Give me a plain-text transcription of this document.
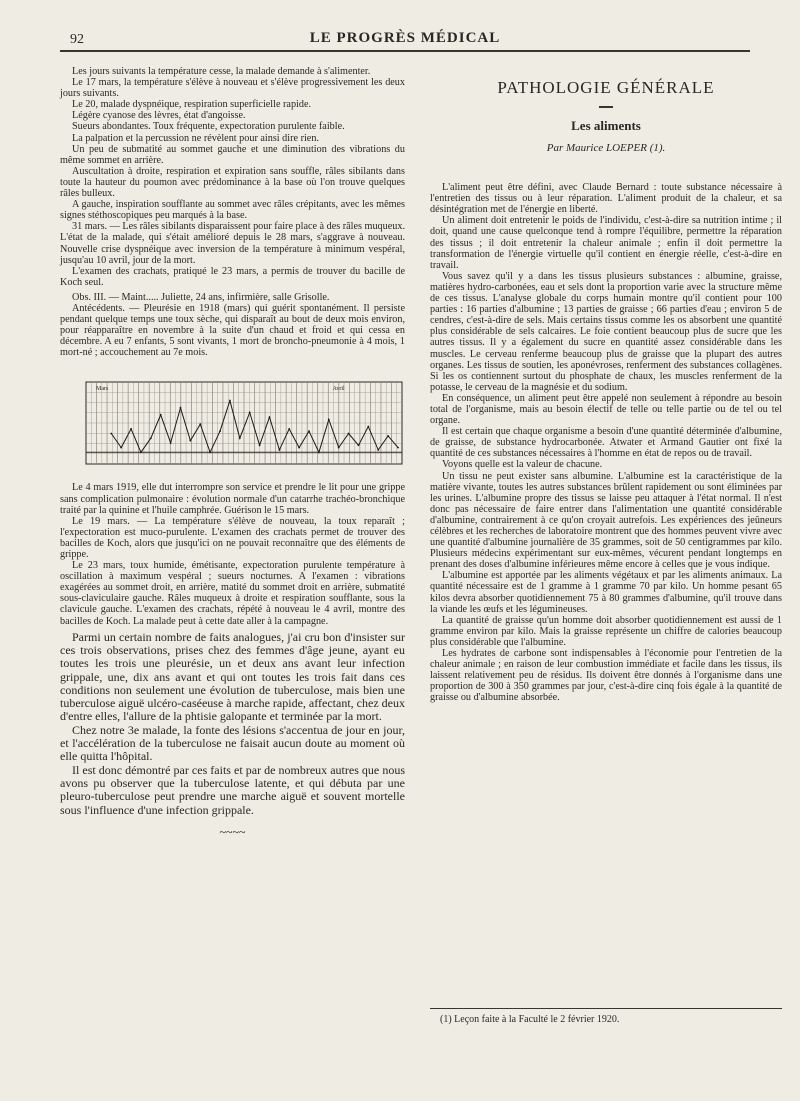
92	LE PROGRÈS MÉDICAL

Les jours suivants la température cesse, la malade demande à s'alimenter.

Le 17 mars, la température s'élève à nouveau et s'élève progressivement les deux jours suivants.

Le 20, malade dyspnéique, respiration superficielle rapide.

Légère cyanose des lèvres, état d'angoisse.

Sueurs abondantes. Toux fréquente, expectoration purulente faible.

La palpation et la percussion ne révèlent pour ainsi dire rien.

Un peu de submatité au sommet gauche et une diminution des vibrations du même sommet en arrière.

Auscultation à droite, respiration et expiration sans souffle, râles sibilants dans toute la hauteur du poumon avec prédominance à la base où l'on trouve quelques râles bulleux.

A gauche, inspiration soufflante au sommet avec râles crépitants, avec les mêmes signes stéthoscopiques peu marqués à la base.

31 mars. — Les râles sibilants disparaissent pour faire place à des râles muqueux. L'état de la malade, qui s'était amélioré depuis le 28 mars, s'aggrave à nouveau. Nouvelle crise dyspnéique avec inversion de la température à minimum vespéral, jusqu'au 10 avril, jour de la mort.

L'examen des crachats, pratiqué le 23 mars, a permis de trouver du bacille de Koch seul.

Obs. III. — Maint..... Juliette, 24 ans, infirmière, salle Grisolle.

Antécédents. — Pleurésie en 1918 (mars) qui guérit spontanément. Il persiste pendant quelque temps une toux sèche, qui disparaît au bout de deux mois environ, pour réapparaître en novembre à la suite d'un chaud et froid et qui cessa en décembre. A eu 7 enfants, 5 sont vivants, 1 mort de broncho-pneumonie à 4 mois, 1 mort-né ; accouchement au 7e mois.

Mars	Avril

Le 4 mars 1919, elle dut interrompre son service et prendre le lit pour une grippe sans complication pulmonaire : évolution normale d'un catarrhe trachéo-bronchique traité par la quinine et l'huile camphrée. Guérison le 15 mars.

Le 19 mars. — La température s'élève de nouveau, la toux reparaît ; l'expectoration est muco-purulente. L'examen des crachats permet de trouver des bacilles de Koch, alors que jusqu'ici on ne pouvait reconnaître que des éléments de grippe.

Le 23 mars, toux humide, émétisante, expectoration purulente température à oscillation à maximum vespéral ; sueurs nocturnes. A l'examen : vibrations exagérées au sommet droit, en arrière, matité du sommet droit en arrière, submatité sous-claviculaire gauche. Râles muqueux à droite et respiration soufflante, sous la clavicule gauche. L'examen des crachats, répété à nouveau le 4 avril, montre des bacilles de Koch. La malade peut à cette date aller à la campagne.

Parmi un certain nombre de faits analogues, j'ai cru bon d'insister sur ces trois observations, prises chez des femmes d'âge jeune, ayant eu toutes les trois une pleurésie, un et deux ans avant leur infection grippale, une, dix ans avant et qui ont toutes les trois fait dans ces conditions non seulement une évolution de tuberculose, mais bien une tuberculose aiguë ulcéro-caséeuse à marche rapide, affectant, chez deux d'entre elles, l'allure de la phtisie galopante et terminée par la mort.

Chez notre 3e malade, la fonte des lésions s'accentua de jour en jour, et l'accélération de la tuberculose ne faisait aucun doute au moment où elle quitta l'hôpital.

Il est donc démontré par ces faits et par de nombreux autres que nous avons pu observer que la tuberculose latente, et qui débuta par une pleuro-tuberculose peut prendre une marche aiguë et souvent mortelle sous l'influence d'une infection grippale.

~~~~
PATHOLOGIE GÉNÉRALE
Les aliments
Par Maurice LOEPER (1).

L'aliment peut être défini, avec Claude Bernard : toute substance nécessaire à l'entretien des tissus ou à leur réparation. L'aliment produit de la chaleur, et sa désintégration met de l'énergie en liberté.

Un aliment doit entretenir le poids de l'individu, c'est-à-dire sa nutrition intime ; il doit, quand une cause quelconque tend à rompre l'équilibre, permettre la réparation des tissus ; il doit entretenir la chaleur animale ; enfin il doit permettre la transformation de l'énergie virtuelle qu'il contient en énergie réelle, c'est-à-dire en travail.

Vous savez qu'il y a dans les tissus plusieurs substances : albumine, graisse, matières hydro-carbonées, eau et sels dont la proportion varie avec la structure même de ces tissus. L'analyse globale du corps humain montre qu'il contient pour 100 parties : 16 parties d'albumine ; 13 parties de graisse ; 66 parties d'eau ; environ 5 de cendres, c'est-à-dire de sels. Mais certains tissus comme les os absorbent une quantité plus considérable de sels calcaires. Le foie contient beaucoup plus de sucre que les autres tissus. Il y a également du sucre en quantité assez considérable dans les muscles. Le cerveau renferme beaucoup plus de graisse que la plupart des autres organes. Les tissus de soutien, les aponévroses, renferment des substances collagènes. Si les os contiennent surtout du phosphate de chaux, les muscles renferment de la potasse, le cerveau de la magnésie et du sodium.

En conséquence, un aliment peut être appelé non seulement à répondre au besoin total de l'organisme, mais au besoin électif de telle ou telle partie ou de tel ou tel organe.

Il est certain que chaque organisme a besoin d'une quantité déterminée d'albumine, de graisse, de substance hydrocarbonée. Atwater et Armand Gautier ont fixé la quantité de ces substances nécessaires à l'homme en état de repos ou de travail.

Voyons quelle est la valeur de chacune.

Un tissu ne peut exister sans albumine. L'albumine est la caractéristique de la matière vivante, toutes les autres substances brûlent rapidement ou sont éliminées par les urines. L'albumine propre des tissus se laisse peu attaquer à l'état normal. Il n'est donc pas nécessaire de faire entrer dans l'alimentation une quantité considérable d'albumine, contrairement à ce qu'on croyait autrefois. Les expériences des jeûneurs célèbres et les recherches de laboratoire montrent que des hommes peuvent vivre avec une quantité d'albumine journalière de 35 grammes, soit de 50 centigrammes par kilo. Plusieurs médecins expérimentant sur eux-mêmes, vécurent pendant longtemps en prenant des doses d'albumine inférieures même encore à celles que je vous indique.

L'albumine est apportée par les aliments végétaux et par les aliments animaux. La quantité nécessaire est de 1 gramme à 1 gramme 70 par kilo. Un homme pesant 65 kilos devra absorber quotidiennement 75 à 80 grammes d'albumine, qu'il trouve dans la viande les œufs et les légumineuses.

La quantité de graisse qu'un homme doit absorber quotidiennement est aussi de 1 gramme environ par kilo. Mais la graisse représente un chiffre de calories beaucoup plus considérable que l'albumine.

Les hydrates de carbone sont indispensables à l'économie pour l'entretien de la chaleur animale ; en raison de leur combustion immédiate et facile dans les tissus, ils laissent relativement peu de résidus. Ils doivent être donnés à l'organisme dans une proportion de 300 à 350 grammes par jour, c'est-à-dire cinq fois égale à la quantité de graisse ou d'albumine absorbée.

(1) Leçon faite à la Faculté le 2 février 1920.
